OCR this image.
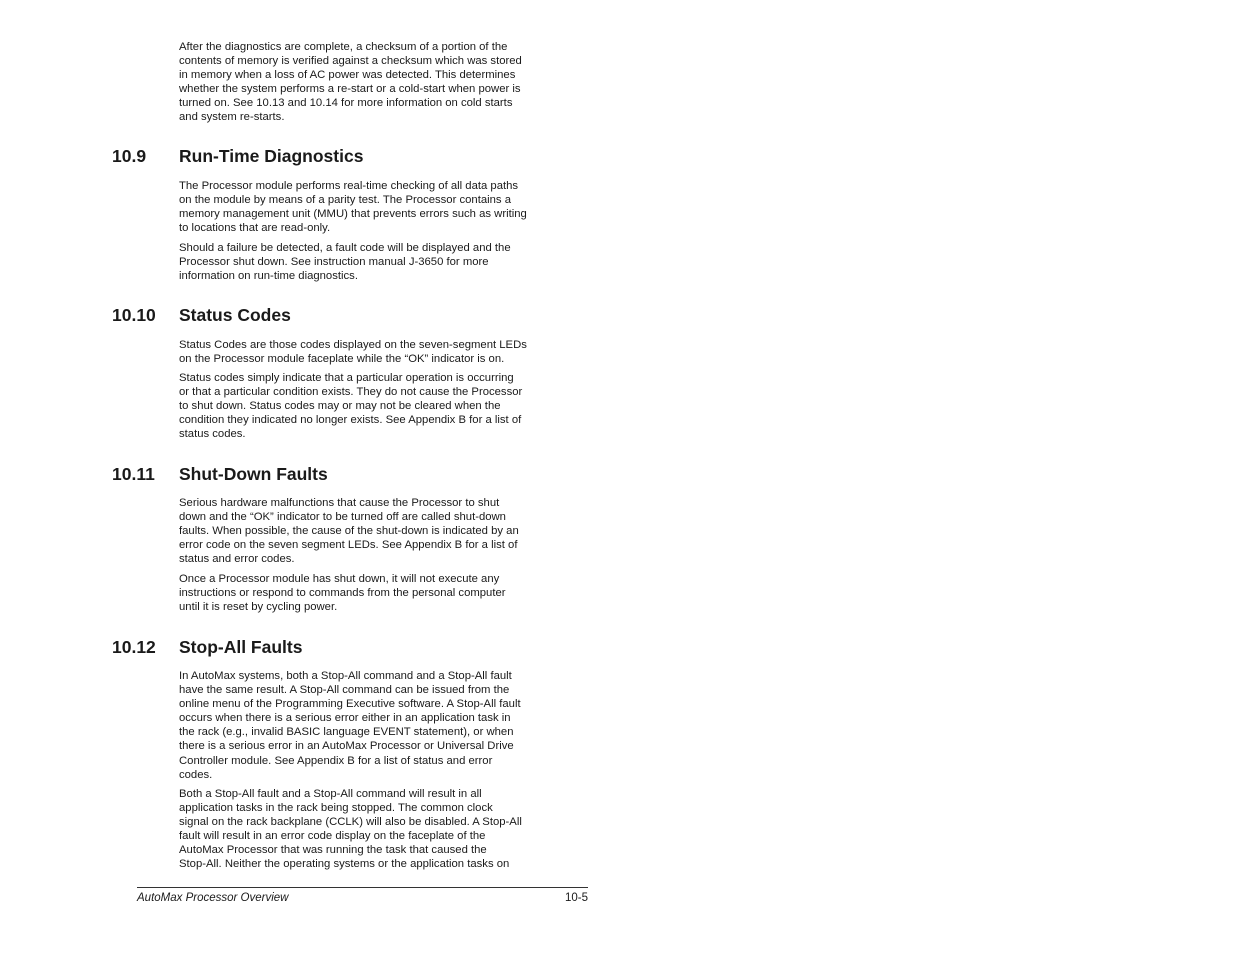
After the diagnostics are complete, a checksum of a portion of the
contents of memory is verified against a checksum which was stored
in memory when a loss of AC power was detected. This determines
whether the system performs a re-start or a cold-start when power is
turned on. See 10.13 and 10.14 for more information on cold starts
and system re-starts.

10.9 Run-Time Diagnostics

The Processor module performs real-time checking of all data paths
on the module by means of a parity test. The Processor contains a
memory management unit (MMU) that prevents errors such as writing
to locations that are read-only.

Should a failure be detected, a fault code will be displayed and the
Processor shut down. See instruction manual J-3650 for more
information on run-time diagnostics.

10.10 Status Codes

Status Codes are those codes displayed on the seven-segment LEDs
on the Processor module faceplate while the “OK” indicator is on.

Status codes simply indicate that a particular operation is occurring
or that a particular condition exists. They do not cause the Processor
to shut down. Status codes may or may not be cleared when the
condition they indicated no longer exists. See Appendix B for a list of
status codes.

10.11 Shut-Down Faults

Serious hardware malfunctions that cause the Processor to shut
down and the “OK” indicator to be turned off are called shut-down
faults. When possible, the cause of the shut-down is indicated by an
error code on the seven segment LEDs. See Appendix B for a list of
status and error codes.

Once a Processor module has shut down, it will not execute any
instructions or respond to commands from the personal computer
until it is reset by cycling power.

10.12 Stop-All Faults

In AutoMax systems, both a Stop-All command and a Stop-All fault
have the same result. A Stop-All command can be issued from the
online menu of the Programming Executive software. A Stop-All fault
occurs when there is a serious error either in an application task in
the rack (e.g., invalid BASIC language EVENT statement), or when
there is a serious error in an AutoMax Processor or Universal Drive
Controller module. See Appendix B for a list of status and error
codes.

Both a Stop-All fault and a Stop-All command will result in all
application tasks in the rack being stopped. The common clock
signal on the rack backplane (CCLK) will also be disabled. A Stop-All
fault will result in an error code display on the faceplate of the
AutoMax Processor that was running the task that caused the
Stop-All. Neither the operating systems or the application tasks on

AutoMax Processor Overview	10-5
